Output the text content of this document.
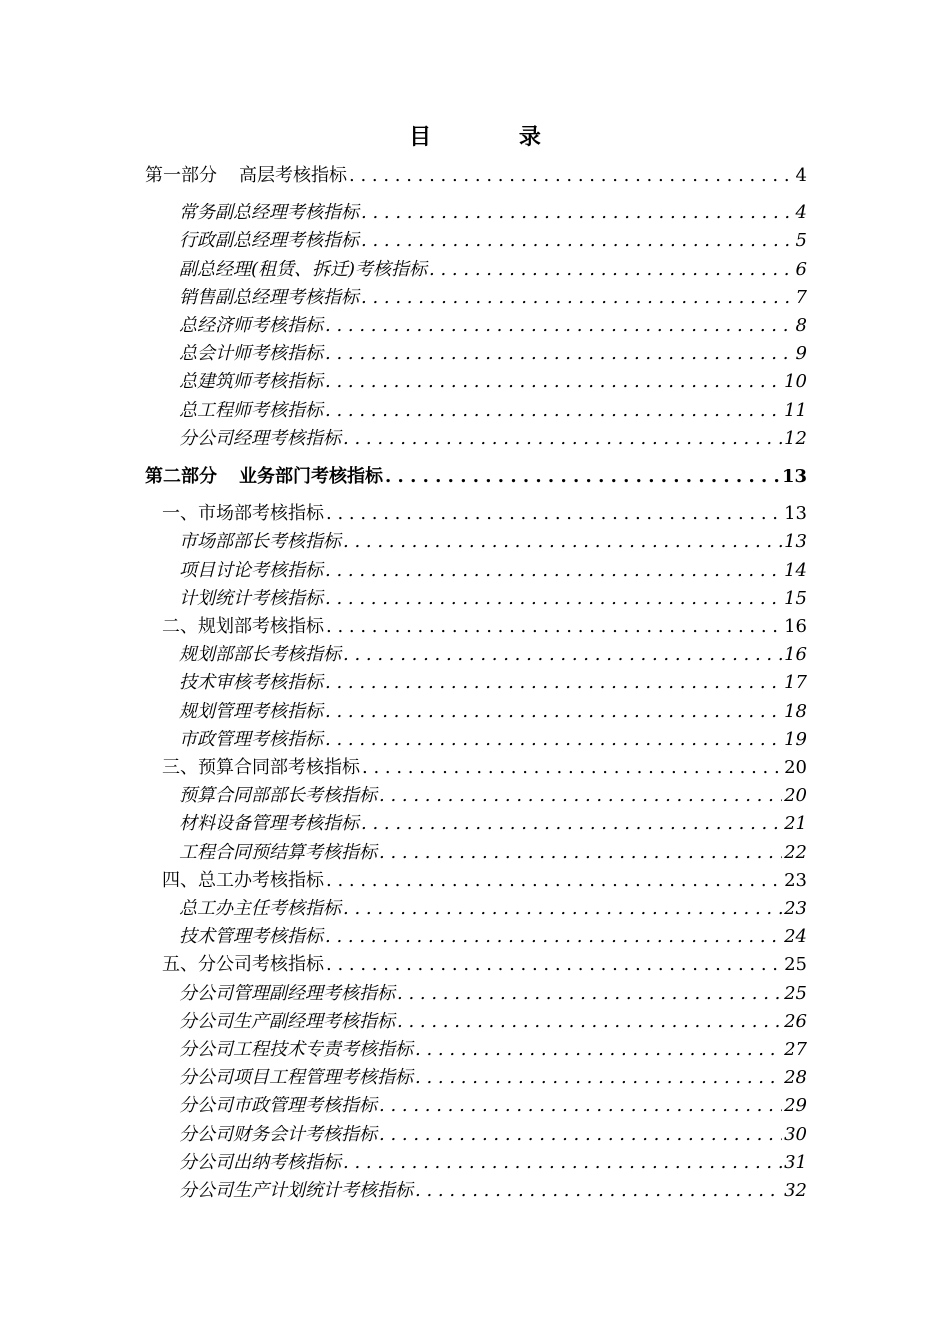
目 录
第一部分 高层考核指标 . . .	4
常务副总经理考核指标 . . .	4
行政副总经理考核指标 . . .	5
副总经理(租赁、拆迁)考核指标 . . .	6
销售副总经理考核指标 . . .	7
总经济师考核指标 . . .	8
总会计师考核指标 . . .	9
总建筑师考核指标 . . .	10
总工程师考核指标 . . .	11
分公司经理考核指标 . . .	12
第二部分 业务部门考核指标 . . .	13
一、市场部考核指标 . . .	13
市场部部长考核指标 . . .	13
项目讨论考核指标 . . .	14
计划统计考核指标 . . .	15
二、规划部考核指标 . . .	16
规划部部长考核指标 . . .	16
技术审核考核指标 . . .	17
规划管理考核指标 . . .	18
市政管理考核指标 . . .	19
三、预算合同部考核指标 . . .	20
预算合同部部长考核指标 . . .	20
材料设备管理考核指标 . . .	21
工程合同预结算考核指标 . . .	22
四、总工办考核指标 . . .	23
总工办主任考核指标 . . .	23
技术管理考核指标 . . .	24
五、分公司考核指标 . . .	25
分公司管理副经理考核指标 . . .	25
分公司生产副经理考核指标 . . .	26
分公司工程技术专责考核指标 . . .	27
分公司项目工程管理考核指标 . . .	28
分公司市政管理考核指标 . . .	29
分公司财务会计考核指标 . . .	30
分公司出纳考核指标 . . .	31
分公司生产计划统计考核指标 . . .	32
